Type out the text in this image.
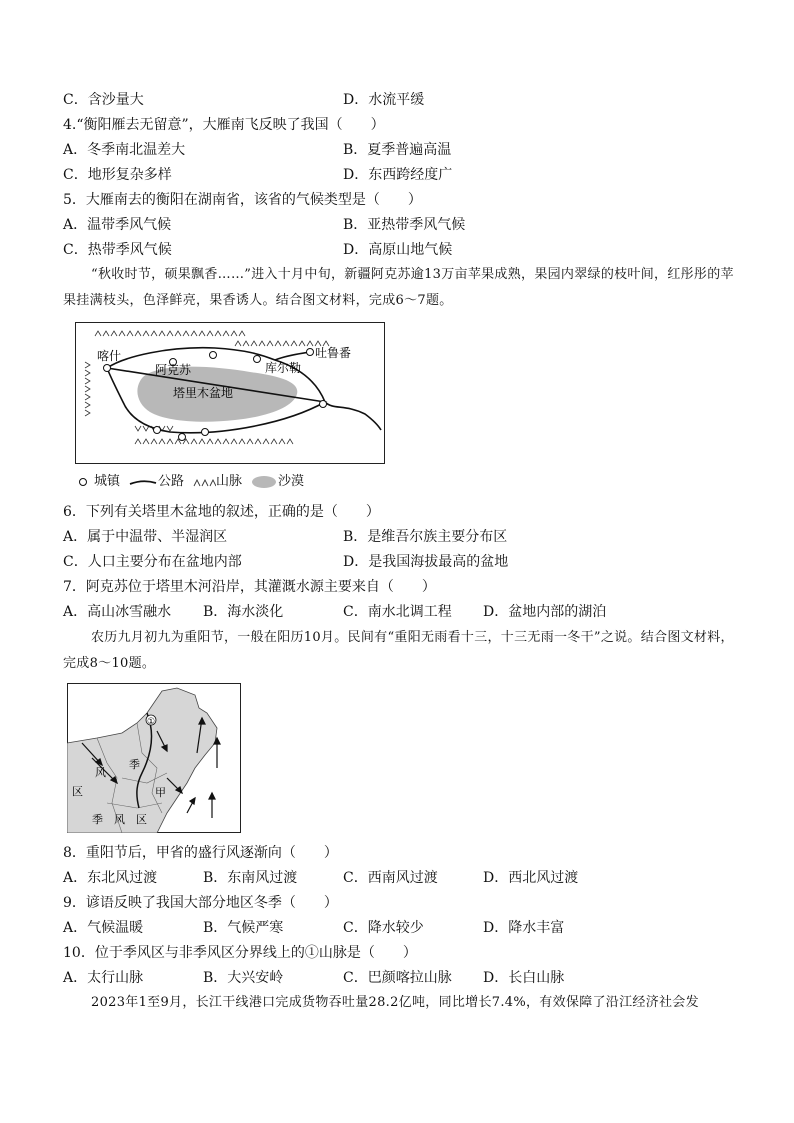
C．含沙量大	D．水流平缓
4.“衡阳雁去无留意”，大雁南飞反映了我国（　　）
A．冬季南北温差大	B．夏季普遍高温
C．地形复杂多样	D．东西跨经度广
5．大雁南去的衡阳在湖南省，该省的气候类型是（　　）
A．温带季风气候	B．亚热带季风气候
C．热带季风气候	D．高原山地气候
“秋收时节，硕果飘香……”进入十月中旬，新疆阿克苏逾13万亩苹果成熟，果园内翠绿的枝叶间，红彤彤的苹果挂满枝头，色泽鲜亮，果香诱人。结合图文材料，完成6～7题。
喀什
阿克苏	库尔勒
吐鲁番
塔里木盆地
城镇	公路 山脉	沙漠
6．下列有关塔里木盆地的叙述，正确的是（　　）
A．属于中温带、半湿润区	B．是维吾尔族主要分布区
C．人口主要分布在盆地内部	D．是我国海拔最高的盆地
7．阿克苏位于塔里木河沿岸，其灌溉水源主要来自（　　）
A．高山冰雪融水 B．海水淡化	C．南水北调工程 D．盆地内部的湖泊
农历九月初九为重阳节，一般在阳历10月。民间有“重阳无雨看十三，十三无雨一冬干”之说。结合图文材料，完成8～10题。
①
季
风
区	甲
季　风　区
8．重阳节后，甲省的盛行风逐渐向（　　）
A．东北风过渡	B．东南风过渡	C．西南风过渡	D．西北风过渡
9．谚语反映了我国大部分地区冬季（　　）
A．气候温暖	B．气候严寒	C．降水较少	D．降水丰富
10．位于季风区与非季风区分界线上的①山脉是（　　）
A．太行山脉	B．大兴安岭	C．巴颜喀拉山脉 D．长白山脉
2023年1至9月，长江干线港口完成货物吞吐量28.2亿吨，同比增长7.4%，有效保障了沿江经济社会发
